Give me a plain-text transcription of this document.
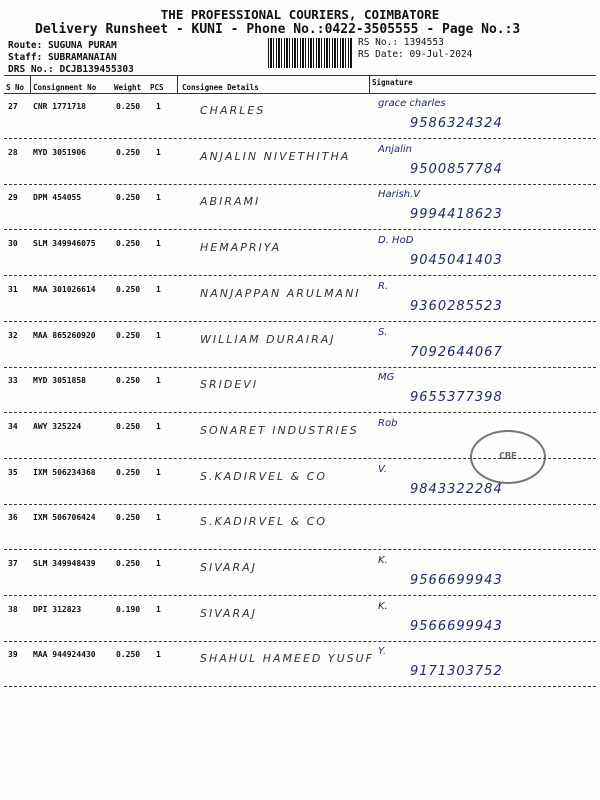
THE PROFESSIONAL COURIERS, COIMBATORE
Delivery Runsheet - KUNI - Phone No.:0422-3505555 - Page No.:3
Route: SUGUNA PURAM
Staff: SUBRAMANAIAN
DRS No.: DCJB139455303
RS No.: 1394553
RS Date: 09-Jul-2024
S No Consignment No Weight PCS Consignee Details
Signature
27 CNR 1771718	0.250 1	CHARLES
grace charles
9586324324
28 MYD 3051906	0.250 1	ANJALIN NIVETHITHA
Anjalin
9500857784
29 DPM 454055	0.250 1	ABIRAMI
Harish.V
9994418623
30 SLM 349946075	0.250 1	HEMAPRIYA
D. HoD
9045041403
31 MAA 301026614	0.250 1	NANJAPPAN ARULMANI
R.
9360285523
32 MAA 865260920	0.250 1	WILLIAM DURAIRAJ
S.
7092644067
33 MYD 3051858	0.250 1	SRIDEVI
MG
9655377398
34 AWY 325224	0.250 1	SONARET INDUSTRIES
Rob
35 IXM 506234368	0.250 1	S.KADIRVEL & CO
V.
9843322284
36 IXM 506706424	0.250 1	S.KADIRVEL & CO
37 SLM 349948439	0.250 1	SIVARAJ
K.
9566699943
38 DPI 312823	0.190 1	SIVARAJ
K.
9566699943
39 MAA 944924430	0.250 1	SHAHUL HAMEED YUSUF
Y.
9171303752
CBE
